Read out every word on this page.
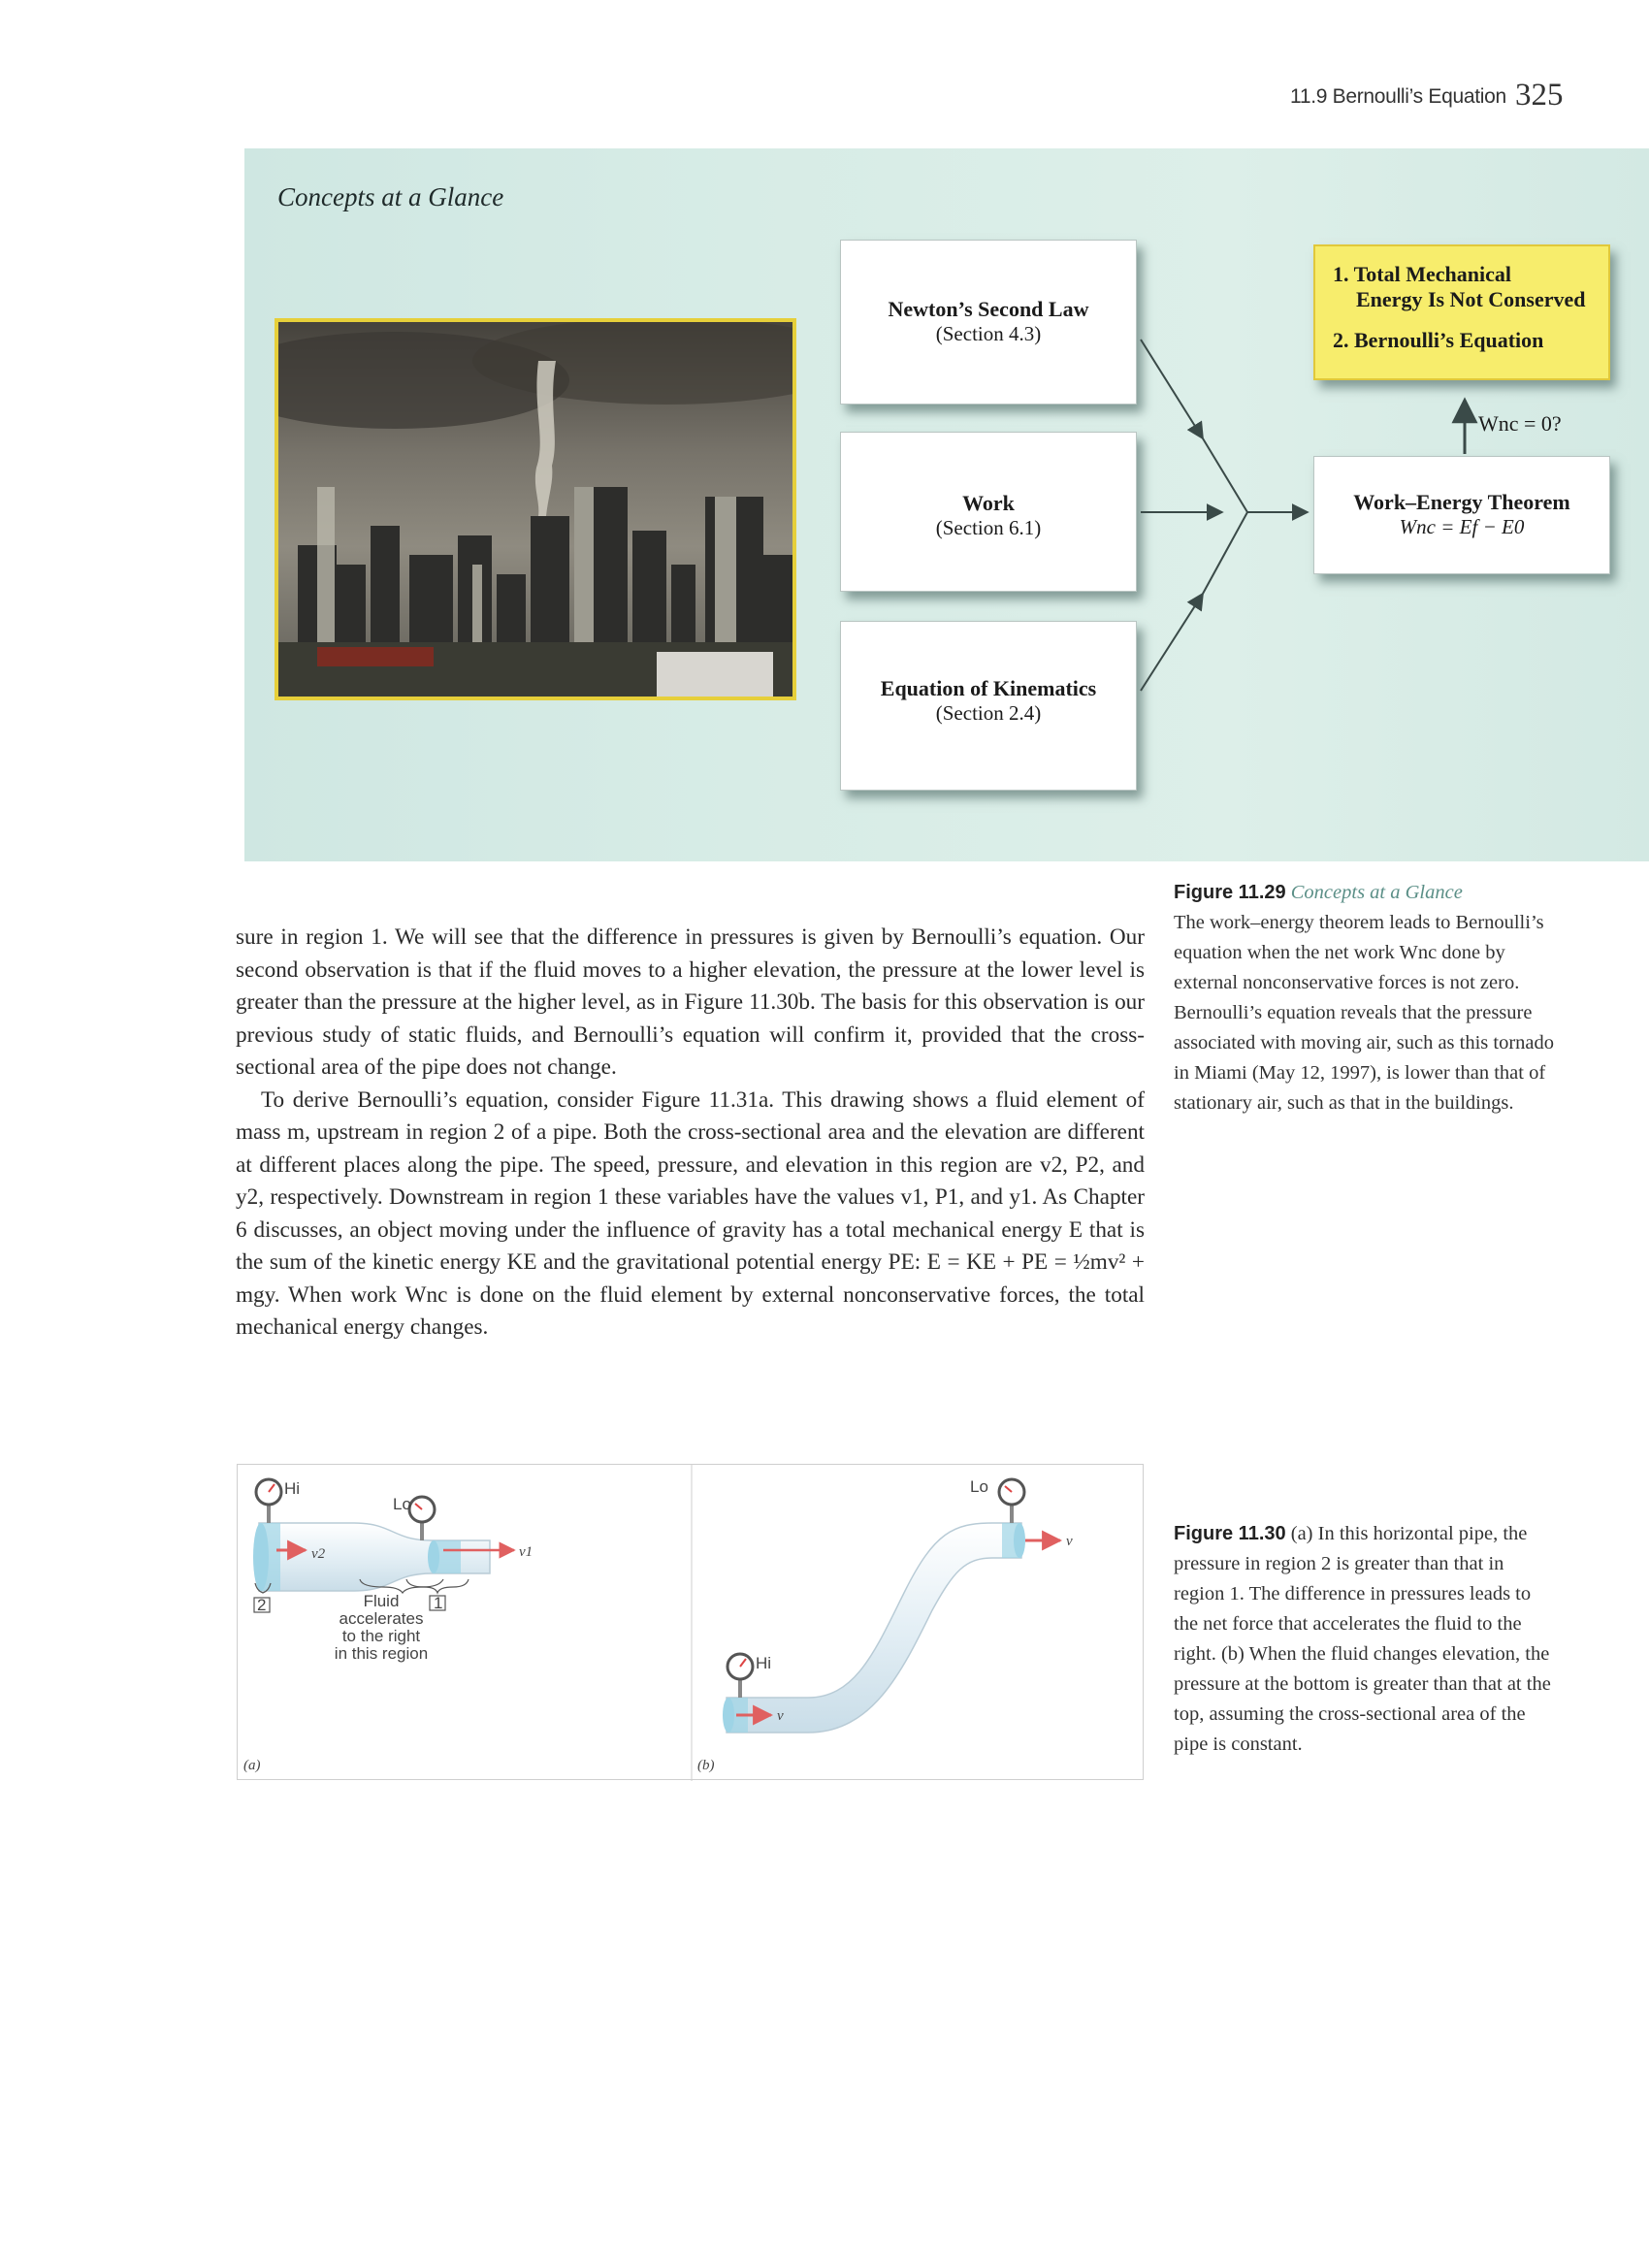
11.9 Bernoulli’s Equation 325
Concepts at a Glance
Newton’s Second Law
(Section 4.3)
Work
(Section 6.1)
Equation of Kinematics
(Section 2.4)
Work–Energy Theorem
Wnc = Ef − E0
1. Total Mechanical
Energy Is Not Conserved
2. Bernoulli’s Equation
Wnc = 0?
Figure 11.29 Concepts at a Glance
The work–energy theorem leads to Bernoulli’s equation when the net work Wnc done by external nonconservative forces is not zero. Bernoulli’s equation reveals that the pressure associated with moving air, such as this tornado in Miami (May 12, 1997), is lower than that of stationary air, such as that in the buildings.

sure in region 1. We will see that the difference in pressures is given by Bernoulli’s equation. Our second observation is that if the fluid moves to a higher elevation, the pressure at the lower level is greater than the pressure at the higher level, as in Figure 11.30b. The basis for this observation is our previous study of static fluids, and Bernoulli’s equation will confirm it, provided that the cross-sectional area of the pipe does not change.

To derive Bernoulli’s equation, consider Figure 11.31a. This drawing shows a fluid element of mass m, upstream in region 2 of a pipe. Both the cross-sectional area and the elevation are different at different places along the pipe. The speed, pressure, and elevation in this region are v2, P2, and y2, respectively. Downstream in region 1 these variables have the values v1, P1, and y1. As Chapter 6 discusses, an object moving under the influence of gravity has a total mechanical energy E that is the sum of the kinetic energy KE and the gravitational potential energy PE: E = KE + PE = ½mv² + mgy. When work Wnc is done on the fluid element by external nonconservative forces, the total mechanical energy changes.

Hi
Lo
v2	v1
2	1
Fluid
accelerates
to the right
in this region
(a)
Hi
Lo
v
v
(b)
Figure 11.30 (a) In this horizontal pipe, the pressure in region 2 is greater than that in region 1. The difference in pressures leads to the net force that accelerates the fluid to the right. (b) When the fluid changes elevation, the pressure at the bottom is greater than that at the top, assuming the cross-sectional area of the pipe is constant.
